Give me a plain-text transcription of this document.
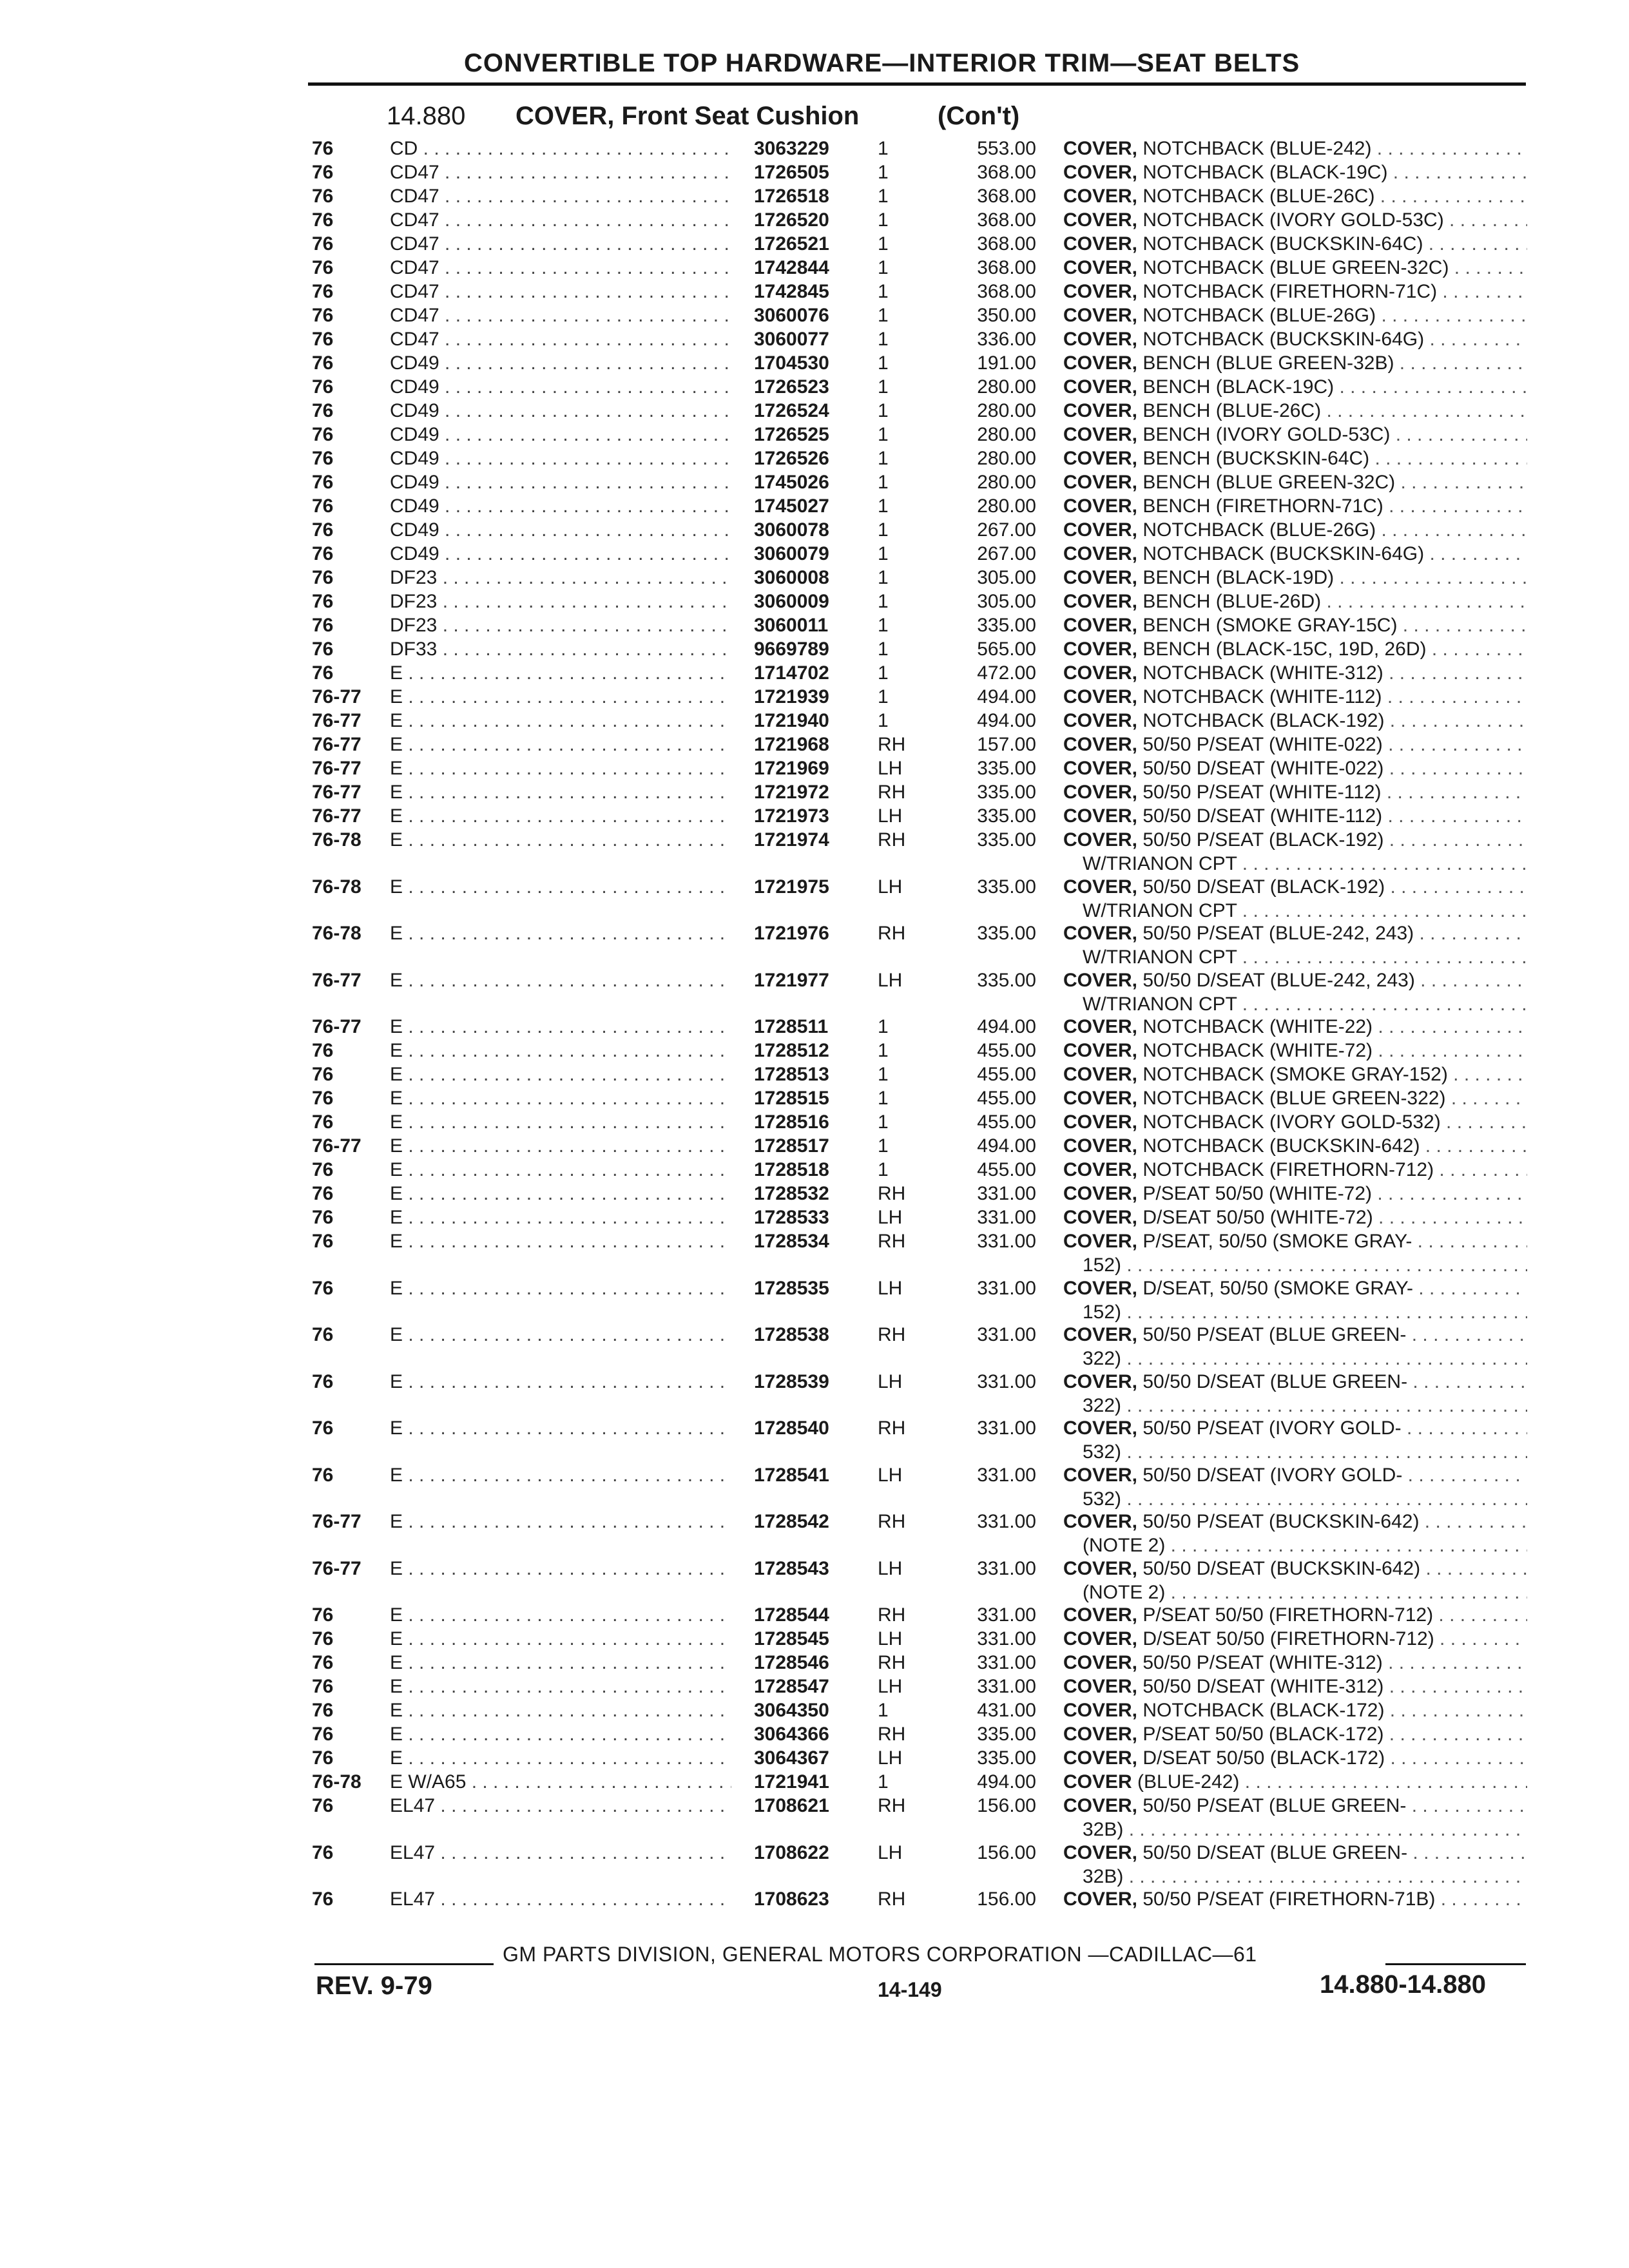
CONVERTIBLE TOP HARDWARE—INTERIOR TRIM—SEAT BELTS
14.880 COVER, Front Seat Cushion	(Con't)
76	CD . . .	3063229	1	553.00 COVER, NOTCHBACK (BLUE-242) . . .
76	CD47 . . .	1726505	1	368.00 COVER, NOTCHBACK (BLACK-19C) . . .
76	CD47 . . .	1726518	1	368.00 COVER, NOTCHBACK (BLUE-26C) . . .
76	CD47 . . .	1726520	1	368.00 COVER, NOTCHBACK (IVORY GOLD-53C) . . .
76	CD47 . . .	1726521	1	368.00 COVER, NOTCHBACK (BUCKSKIN-64C) . . .
76	CD47 . . .	1742844	1	368.00 COVER, NOTCHBACK (BLUE GREEN-32C) . . .
76	CD47 . . .	1742845	1	368.00 COVER, NOTCHBACK (FIRETHORN-71C) . . .
76	CD47 . . .	3060076	1	350.00 COVER, NOTCHBACK (BLUE-26G) . . .
76	CD47 . . .	3060077	1	336.00 COVER, NOTCHBACK (BUCKSKIN-64G) . . .
76	CD49 . . .	1704530	1	191.00 COVER, BENCH (BLUE GREEN-32B) . . .
76	CD49 . . .	1726523	1	280.00 COVER, BENCH (BLACK-19C) . . .
76	CD49 . . .	1726524	1	280.00 COVER, BENCH (BLUE-26C) . . .
76	CD49 . . .	1726525	1	280.00 COVER, BENCH (IVORY GOLD-53C) . . .
76	CD49 . . .	1726526	1	280.00 COVER, BENCH (BUCKSKIN-64C) . . .
76	CD49 . . .	1745026	1	280.00 COVER, BENCH (BLUE GREEN-32C) . . .
76	CD49 . . .	1745027	1	280.00 COVER, BENCH (FIRETHORN-71C) . . .
76	CD49 . . .	3060078	1	267.00 COVER, NOTCHBACK (BLUE-26G) . . .
76	CD49 . . .	3060079	1	267.00 COVER, NOTCHBACK (BUCKSKIN-64G) . . .
76	DF23 . . .	3060008	1	305.00 COVER, BENCH (BLACK-19D) . . .
76	DF23 . . .	3060009	1	305.00 COVER, BENCH (BLUE-26D) . . .
76	DF23 . . .	3060011	1	335.00 COVER, BENCH (SMOKE GRAY-15C) . . .
76	DF33 . . .	9669789	1	565.00 COVER, BENCH (BLACK-15C, 19D, 26D) . . .
76	E . . .	1714702	1	472.00 COVER, NOTCHBACK (WHITE-312) . . .
76-77 E . . .	1721939	1	494.00 COVER, NOTCHBACK (WHITE-112) . . .
76-77 E . . .	1721940	1	494.00 COVER, NOTCHBACK (BLACK-192) . . .
76-77 E . . .	1721968	RH	157.00 COVER, 50/50 P/SEAT (WHITE-022) . . .
76-77 E . . .	1721969	LH	335.00 COVER, 50/50 D/SEAT (WHITE-022) . . .
76-77 E . . .	1721972	RH	335.00 COVER, 50/50 P/SEAT (WHITE-112) . . .
76-77 E . . .	1721973	LH	335.00 COVER, 50/50 D/SEAT (WHITE-112) . . .
76-78 E . . .	1721974	RH	335.00 COVER, 50/50 P/SEAT (BLACK-192) . . .
W/TRIANON CPT . . .
76-78 E . . .	1721975	LH	335.00 COVER, 50/50 D/SEAT (BLACK-192) . . .
W/TRIANON CPT . . .
76-78 E . . .	1721976	RH	335.00 COVER, 50/50 P/SEAT (BLUE-242, 243) . . .
W/TRIANON CPT . . .
76-77 E . . .	1721977	LH	335.00 COVER, 50/50 D/SEAT (BLUE-242, 243) . . .
W/TRIANON CPT . . .
76-77 E . . .	1728511	1	494.00 COVER, NOTCHBACK (WHITE-22) . . .
76	E . . .	1728512	1	455.00 COVER, NOTCHBACK (WHITE-72) . . .
76	E . . .	1728513	1	455.00 COVER, NOTCHBACK (SMOKE GRAY-152) . . .
76	E . . .	1728515	1	455.00 COVER, NOTCHBACK (BLUE GREEN-322) . . .
76	E . . .	1728516	1	455.00 COVER, NOTCHBACK (IVORY GOLD-532) . . .
76-77 E . . .	1728517	1	494.00 COVER, NOTCHBACK (BUCKSKIN-642) . . .
76	E . . .	1728518	1	455.00 COVER, NOTCHBACK (FIRETHORN-712) . . .
76	E . . .	1728532	RH	331.00 COVER, P/SEAT 50/50 (WHITE-72) . . .
76	E . . .	1728533	LH	331.00 COVER, D/SEAT 50/50 (WHITE-72) . . .
76	E . . .	1728534	RH	331.00 COVER, P/SEAT, 50/50 (SMOKE GRAY- . . .
152) . . .
76	E . . .	1728535	LH	331.00 COVER, D/SEAT, 50/50 (SMOKE GRAY- . . .
152) . . .
76	E . . .	1728538	RH	331.00 COVER, 50/50 P/SEAT (BLUE GREEN- . . .
322) . . .
76	E . . .	1728539	LH	331.00 COVER, 50/50 D/SEAT (BLUE GREEN- . . .
322) . . .
76	E . . .	1728540	RH	331.00 COVER, 50/50 P/SEAT (IVORY GOLD- . . .
532) . . .
76	E . . .	1728541	LH	331.00 COVER, 50/50 D/SEAT (IVORY GOLD- . . .
532) . . .
76-77 E . . .	1728542	RH	331.00 COVER, 50/50 P/SEAT (BUCKSKIN-642) . . .
(NOTE 2) . . .
76-77 E . . .	1728543	LH	331.00 COVER, 50/50 D/SEAT (BUCKSKIN-642) . . .
(NOTE 2) . . .
76	E . . .	1728544	RH	331.00 COVER, P/SEAT 50/50 (FIRETHORN-712) . . .
76	E . . .	1728545	LH	331.00 COVER, D/SEAT 50/50 (FIRETHORN-712) . . .
76	E . . .	1728546	RH	331.00 COVER, 50/50 P/SEAT (WHITE-312) . . .
76	E . . .	1728547	LH	331.00 COVER, 50/50 D/SEAT (WHITE-312) . . .
76	E . . .	3064350	1	431.00 COVER, NOTCHBACK (BLACK-172) . . .
76	E . . .	3064366	RH	335.00 COVER, P/SEAT 50/50 (BLACK-172) . . .
76	E . . .	3064367	LH	335.00 COVER, D/SEAT 50/50 (BLACK-172) . . .
76-78 E W/A65 . . .	1721941	1	494.00 COVER (BLUE-242) . . .
76	EL47 . . .	1708621	RH	156.00 COVER, 50/50 P/SEAT (BLUE GREEN- . . .
32B) . . .
76	EL47 . . .	1708622	LH	156.00 COVER, 50/50 D/SEAT (BLUE GREEN- . . .
32B) . . .
76	EL47 . . .	1708623	RH	156.00 COVER, 50/50 P/SEAT (FIRETHORN-71B) . . .
GM PARTS DIVISION, GENERAL MOTORS CORPORATION —CADILLAC—61
REV. 9-79	14-149	14.880-14.880
